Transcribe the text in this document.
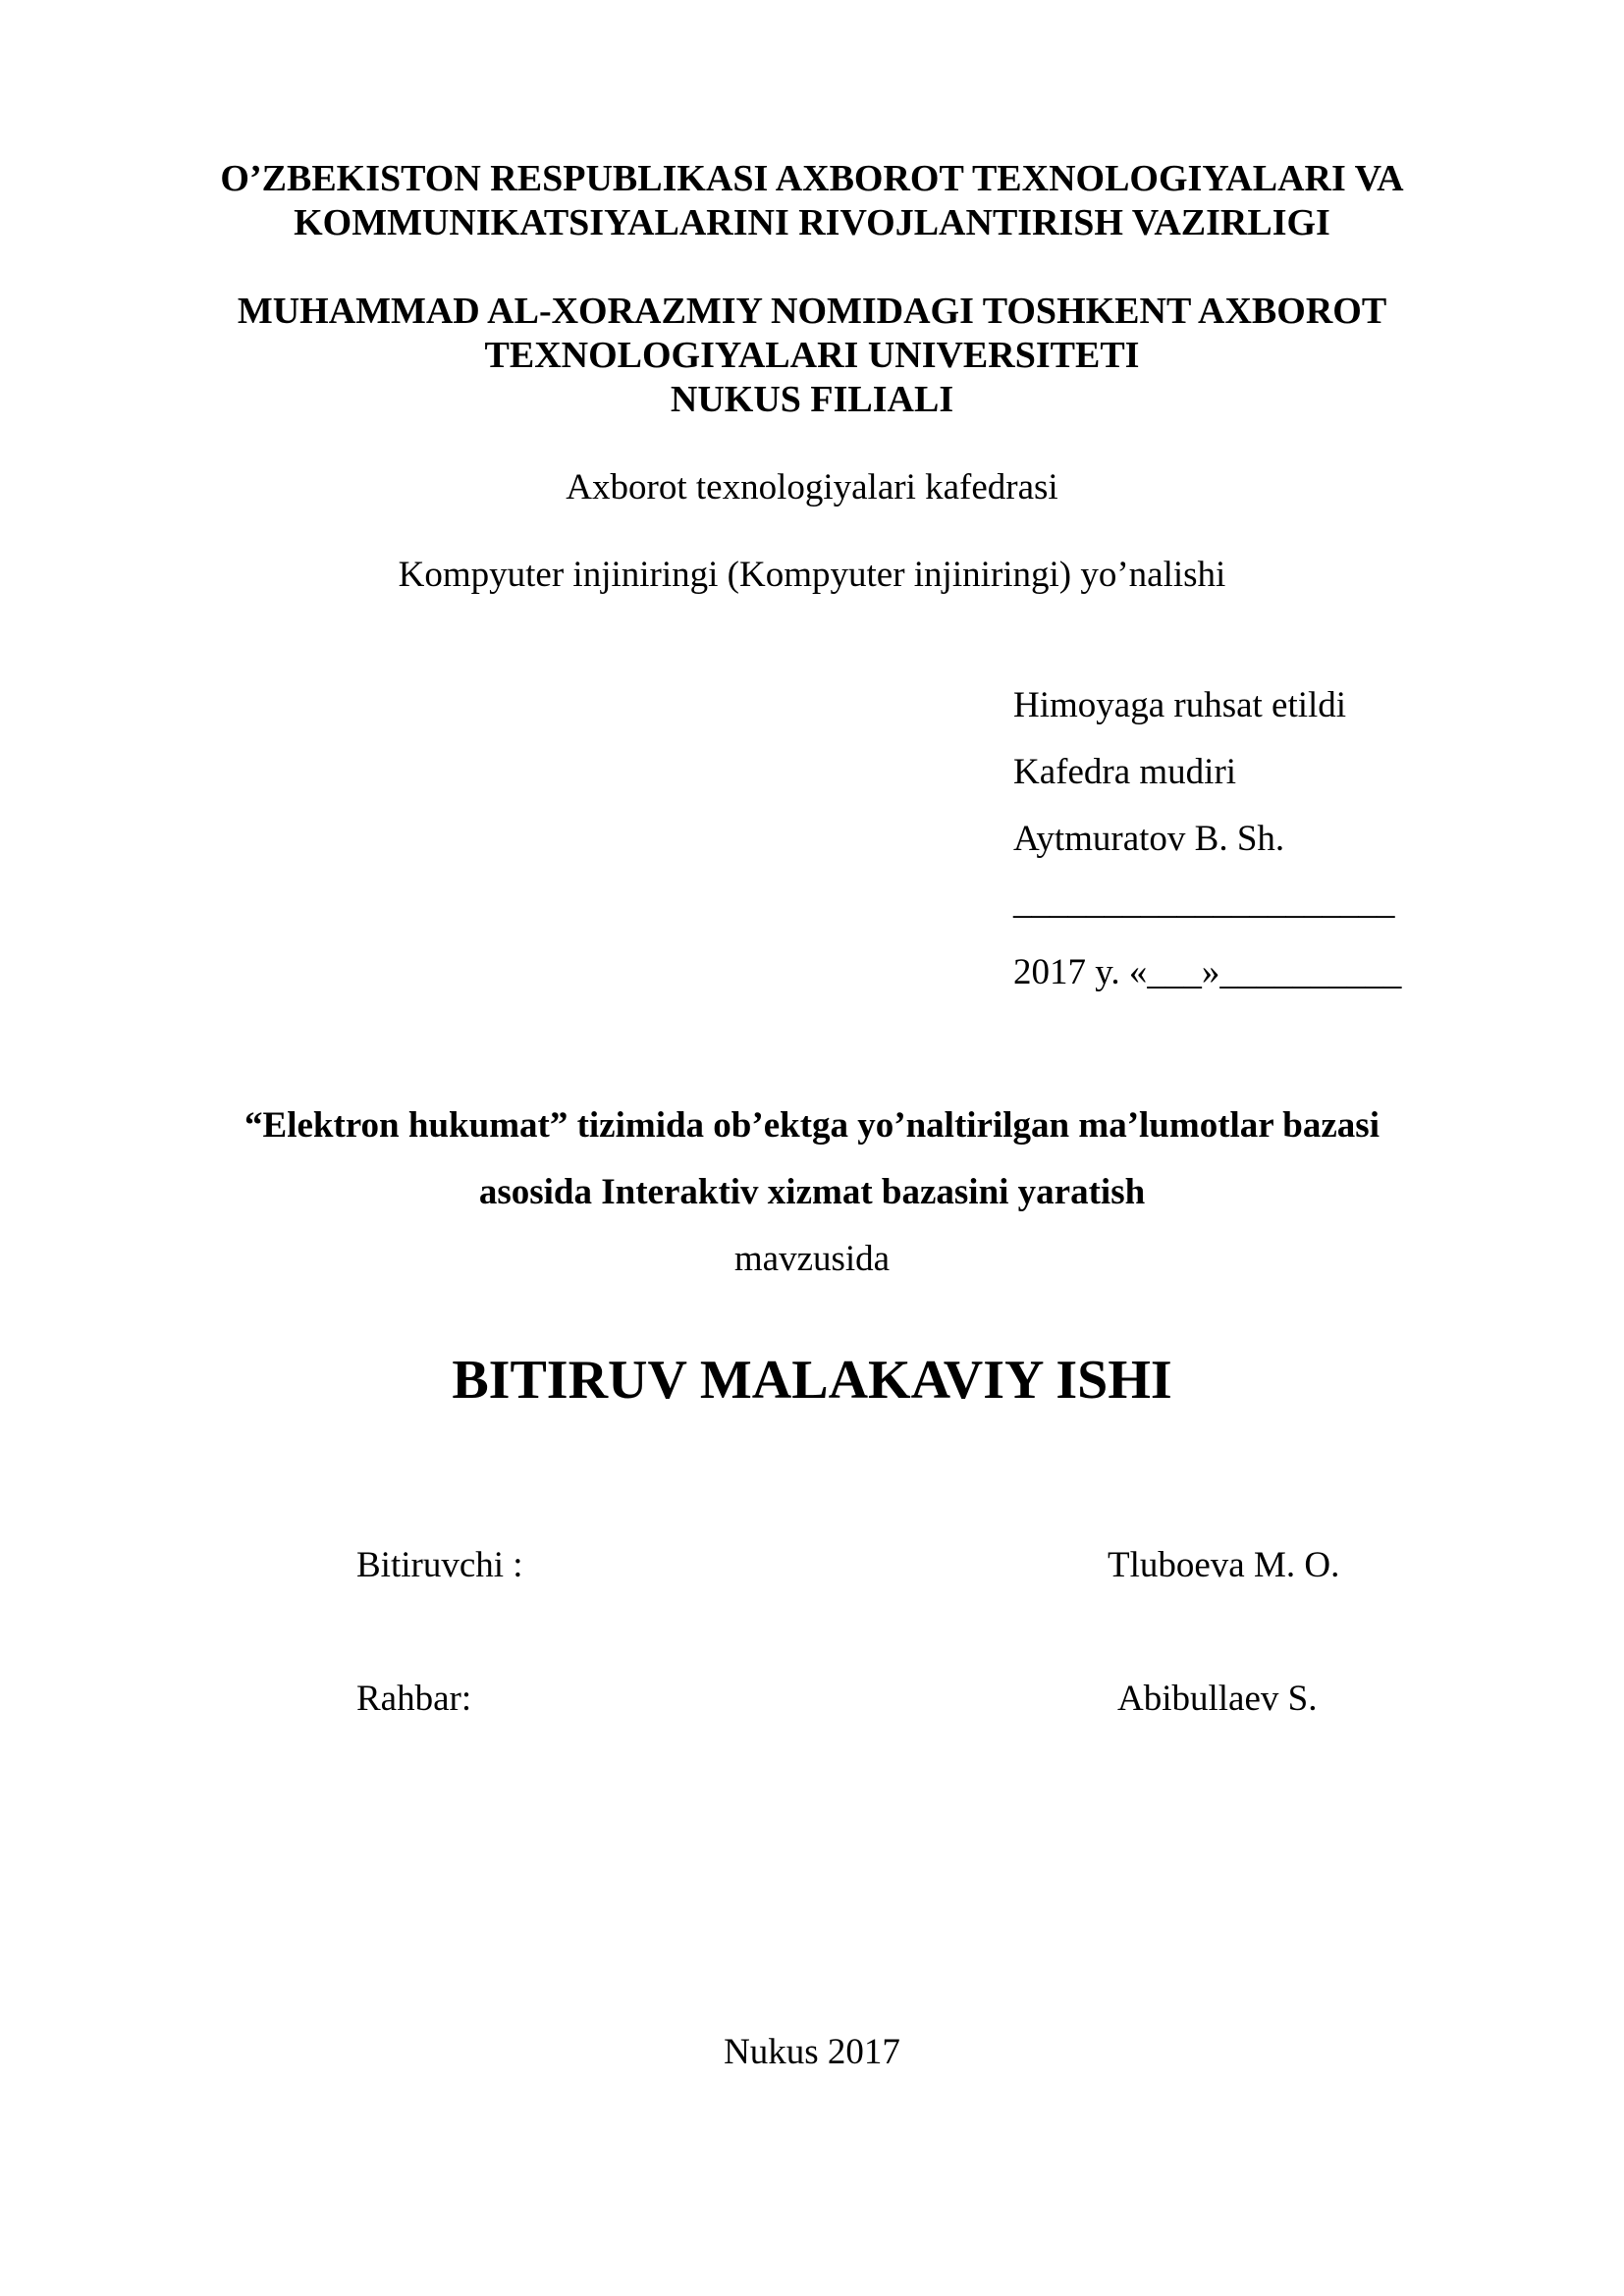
O’ZBEKISTON RESPUBLIKASI AXBOROT TEXNOLOGIYALARI VA
KOMMUNIKATSIYALARINI RIVOJLANTIRISH VAZIRLIGI
MUHAMMAD AL-XORAZMIY NOMIDAGI TOSHKENT AXBOROT
TEXNOLOGIYALARI UNIVERSITETI
NUKUS FILIALI
Axborot texnologiyalari kafedrasi
Kompyuter injiniringi (Kompyuter injiniringi) yo’nalishi
Himoyaga ruhsat etildi
Kafedra mudiri
Aytmuratov B. Sh.
_____________________
2017 y. «___»__________
“Elektron hukumat” tizimida ob’ektga yo’naltirilgan ma’lumotlar bazasi
asosida Interaktiv xizmat bazasini yaratish
mavzusida
BITIRUV MALAKAVIY ISHI
Bitiruvchi :	Tluboeva M. O.
Rahbar:	Abibullaev S.
Nukus 2017
